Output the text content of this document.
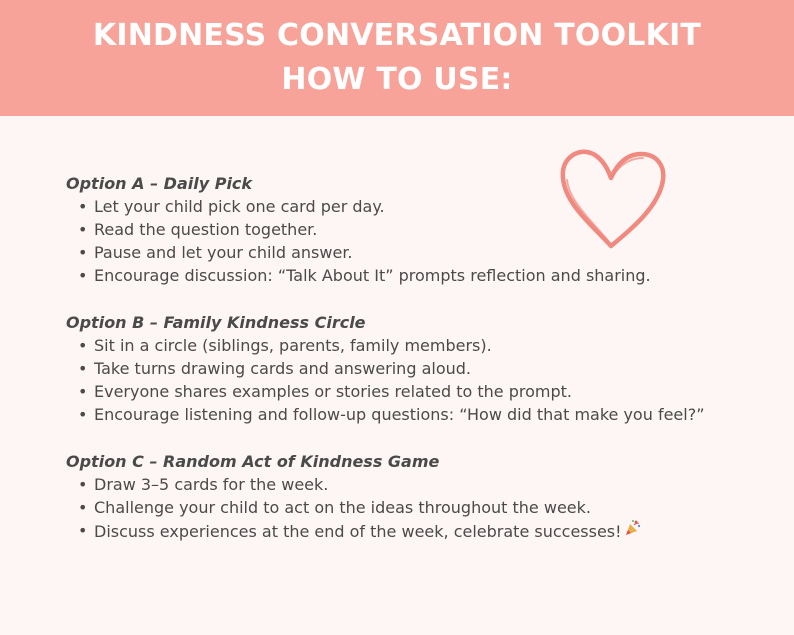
KINDNESS CONVERSATION TOOLKIT
HOW TO USE:
Option A – Daily Pick
• Let your child pick one card per day.
• Read the question together.
• Pause and let your child answer.
• Encourage discussion: “Talk About It” prompts reflection and sharing.
Option B – Family Kindness Circle
• Sit in a circle (siblings, parents, family members).
• Take turns drawing cards and answering aloud.
• Everyone shares examples or stories related to the prompt.
• Encourage listening and follow-up questions: “How did that make you feel?”
Option C – Random Act of Kindness Game
• Draw 3–5 cards for the week.
• Challenge your child to act on the ideas throughout the week.
• Discuss experiences at the end of the week, celebrate successes!
